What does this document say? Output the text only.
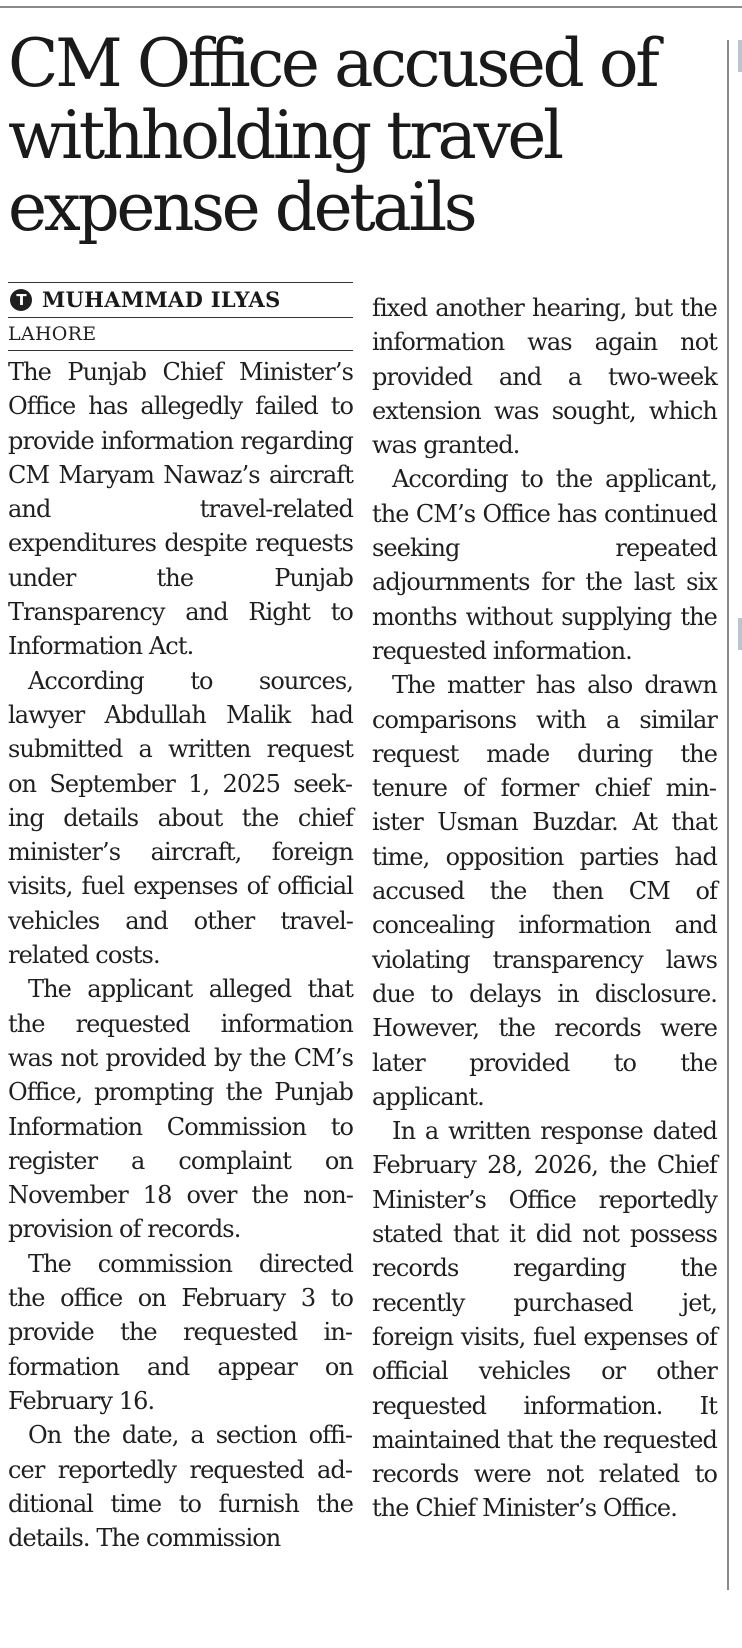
CM Office accused of withholding travel expense details
T MUHAMMAD ILYAS
LAHORE

The Punjab Chief Minister’s Office has allegedly failed to provide information regarding CM Maryam Nawaz’s aircraft and travel-related expenditures despite requests under the Punjab Transparency and Right to Information Act.

According to sources, lawyer Abdullah Malik had submitted a written request on September 1, 2025 seeking details about the chief minister’s aircraft, foreign visits, fuel expenses of official vehicles and other travel-related costs.

The applicant alleged that the requested information was not provided by the CM’s Office, prompting the Punjab Information Commission to register a complaint on November 18 over the non-provision of records.

The commission directed the office on February 3 to provide the requested information and appear on February 16.

On the date, a section officer reportedly requested additional time to furnish the details. The commission

fixed another hearing, but the information was again not provided and a two-week extension was sought, which was granted.

According to the applicant, the CM’s Office has continued seeking repeated adjournments for the last six months without supplying the requested information.

The matter has also drawn comparisons with a similar request made during the tenure of former chief minister Usman Buzdar. At that time, opposition parties had accused the then CM of concealing information and violating transparency laws due to delays in disclosure. However, the records were later provided to the applicant.

In a written response dated February 28, 2026, the Chief Minister’s Office reportedly stated that it did not possess records regarding the recently purchased jet, foreign visits, fuel expenses of official vehicles or other requested information. It maintained that the requested records were not related to the Chief Minister’s Office.
